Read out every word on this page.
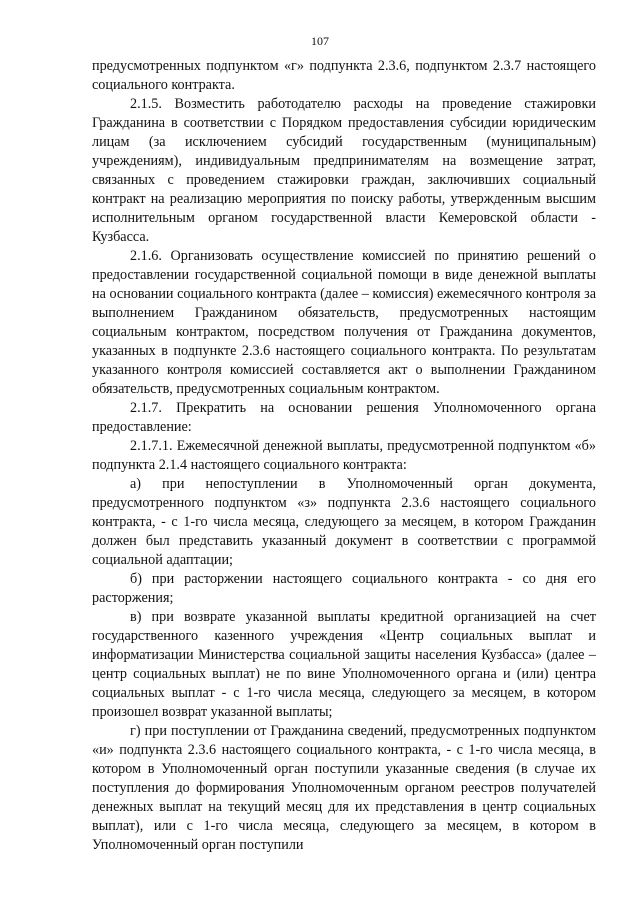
107

предусмотренных подпунктом «г» подпункта 2.3.6, подпунктом 2.3.7 настоящего социального контракта.

2.1.5. Возместить работодателю расходы на проведение стажировки Гражданина в соответствии с Порядком предоставления субсидии юридическим лицам (за исключением субсидий государственным (муниципальным) учреждениям), индивидуальным предпринимателям на возмещение затрат, связанных с проведением стажировки граждан, заключившиx социальный контракт на реализацию мероприятия по поиску работы, утвержденным высшим исполнительным органом государственной власти Кемеровской области - Кузбасса.

2.1.6. Организовать осуществление комиссией по принятию решений о предоставлении государственной социальной помощи в виде денежной выплаты на основании социального контракта (далее – комиссия) ежемесячного контроля за выполнением Гражданином обязательств, предусмотренных настоящим социальным контрактом, посредством получения от Гражданина документов, указанных в подпункте 2.3.6 настоящего социального контракта. По результатам указанного контроля комиссией составляется акт о выполнении Гражданином обязательств, предусмотренных социальным контрактом.

2.1.7. Прекратить на основании решения Уполномоченного органа предоставление:

2.1.7.1. Ежемесячной денежной выплаты, предусмотренной подпунктом «б» подпункта 2.1.4 настоящего социального контракта:

а) при непоступлении в Уполномоченный орган документа, предусмотренного подпунктом «з» подпункта 2.3.6 настоящего социального контракта, - с 1-го числа месяца, следующего за месяцем, в котором Гражданин должен был представить указанный документ в соответствии с программой социальной адаптации;

б) при расторжении настоящего социального контракта - со дня его расторжения;

в) при возврате указанной выплаты кредитной организацией на счет государственного казенного учреждения «Центр социальных выплат и информатизации Министерства социальной защиты населения Кузбасса» (далее – центр социальных выплат) не по вине Уполномоченного органа и (или) центра социальных выплат - с 1-го числа месяца, следующего за месяцем, в котором произошел возврат указанной выплаты;

г) при поступлении от Гражданина сведений, предусмотренных подпунктом «и» подпункта 2.3.6 настоящего социального контракта, - с 1-го числа месяца, в котором в Уполномоченный орган поступили указанные сведения (в случае их поступления до формирования Уполномоченным органом реестров получателей денежных выплат на текущий месяц для их представления в центр социальных выплат), или с 1-го числа месяца, следующего за месяцем, в котором в Уполномоченный орган поступили
